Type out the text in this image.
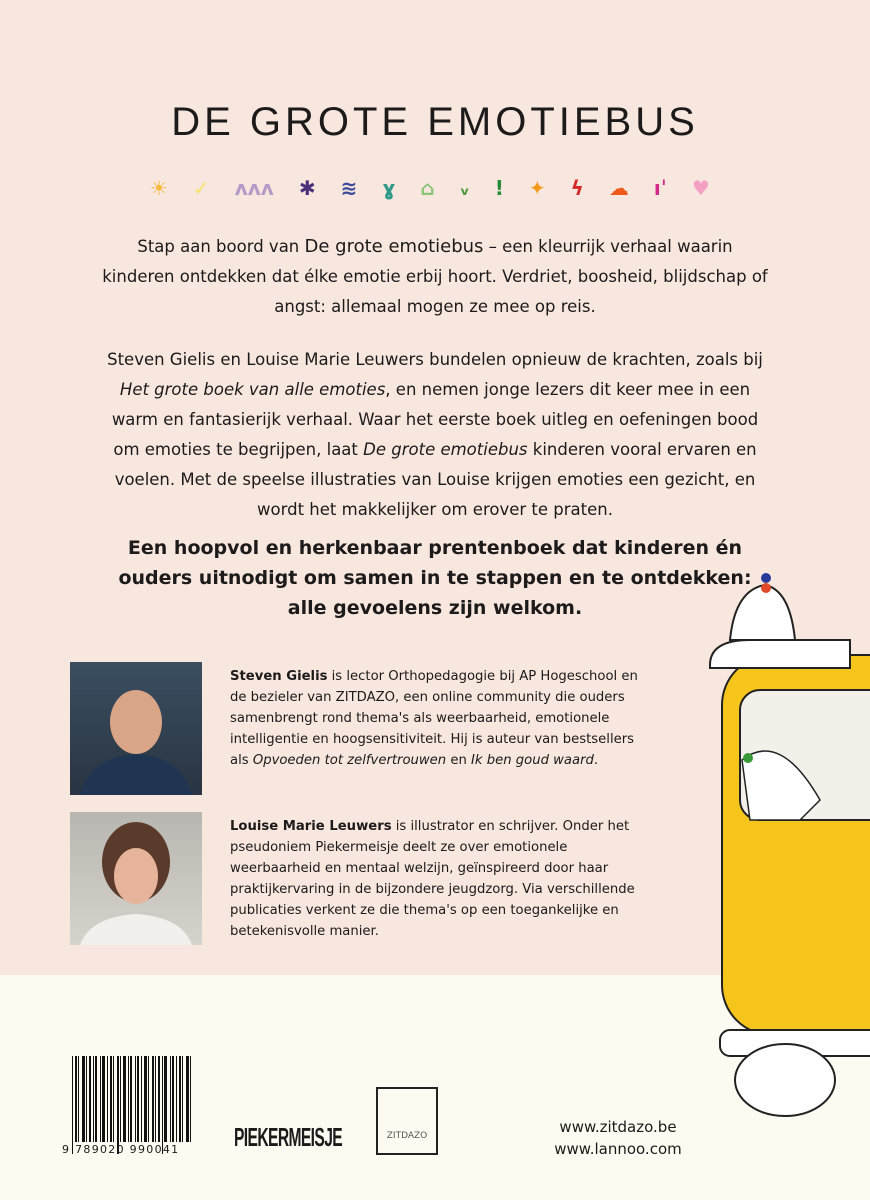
DE GROTE EMOTIEBUS
☀ ✓ ʌʌʌ ✱ ≋ ɣ ⌂ ᵥ ! ✦ ϟ ☁ ıˈ ♥

Stap aan boord van De grote emotiebus – een kleurrijk verhaal waarin kinderen ontdekken dat élke emotie erbij hoort. Verdriet, boosheid, blijdschap of angst: allemaal mogen ze mee op reis.

Steven Gielis en Louise Marie Leuwers bundelen opnieuw de krachten, zoals bij Het grote boek van alle emoties, en nemen jonge lezers dit keer mee in een warm en fantasierijk verhaal. Waar het eerste boek uitleg en oefeningen bood om emoties te begrijpen, laat De grote emotiebus kinderen vooral ervaren en voelen. Met de speelse illustraties van Louise krijgen emoties een gezicht, en wordt het makkelijker om erover te praten.

Een hoopvol en herkenbaar prentenboek dat kinderen én ouders uitnodigt om samen in te stappen en te ontdekken: alle gevoelens zijn welkom.

Steven Gielis is lector Orthopedagogie bij AP Hogeschool en de bezieler van ZITDAZO, een online community die ouders samenbrengt rond thema's als weerbaarheid, emotionele intelligentie en hoogsensitiviteit. Hij is auteur van bestsellers als Opvoeden tot zelfvertrouwen en Ik ben goud waard.

Louise Marie Leuwers is illustrator en schrijver. Onder het pseudoniem Piekermeisje deelt ze over emotionele weerbaarheid en mentaal welzijn, geïnspireerd door haar praktijkervaring in de bijzondere jeugdzorg. Via verschillende publicaties verkent ze die thema's op een toegankelijke en betekenisvolle manier.

9 789020 990041 PIEKERMEISJE	ZITDAZO	www.zitdazo.be
www.lannoo.com
